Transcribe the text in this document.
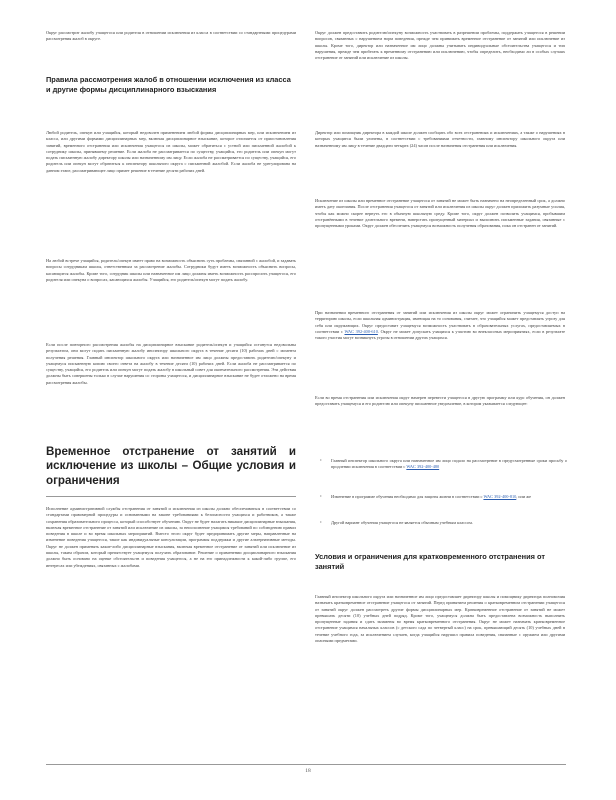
Округ рассмотрит жалобу учащегося или родителя в отношении исключения из класса в соответствии со стандартными процедурами рассмотрения жалоб в округе.

Правила рассмотрения жалоб в отношении исключения из класса и другие формы дисциплинарного взыскания

Любой родитель, опекун или учащийся, который недоволен применением любой формы дисциплинарных мер, или исключением из класса, или другими формами дисциплинарных мер, включая дисциплинарное взыскание, которое отличается от приостановления занятий, временного отстранения или исключения учащегося из школы, может обратиться с устной или письменной жалобой к сотруднику школы, принявшему решение. Если жалоба не рассматривается по существу, учащийся, его родитель или опекун могут подать письменную жалобу директору школы или назначенному им лицу. Если жалоба не рассматривается по существу, учащийся, его родитель или опекун могут обратиться к инспектору школьного округа с письменной жалобой. Если жалоба не урегулирована на данном этапе, рассматривающее лицо примет решение в течение десяти рабочих дней.

На любой встрече учащийся, родитель/опекун имеет право на возможность объяснить суть проблемы, связанной с жалобой, и задавать вопросы сотрудникам школы, ответственным за рассмотрение жалобы. Сотрудники будут иметь возможность объяснить вопросы, касающиеся жалобы. Кроме того, сотрудник школы или назначенное им лицо должны иметь возможность расспросить учащегося, его родителя или опекуна о вопросах, касающихся жалобы. Учащийся, его родитель/опекун могут подать жалобу.

Если после повторного рассмотрения жалобы на дисциплинарное взыскание родитель/опекун и учащийся останутся недовольны результатом, они могут подать письменную жалобу инспектору школьного округа в течение десяти (10) рабочих дней с момента получения решения. Главный инспектор школьного округа или назначенное им лицо должны предоставить родителю/опекуну и учащемуся письменную копию своего ответа на жалобу в течение десяти (10) рабочих дней. Если жалоба не рассматривается по существу, учащийся, его родитель или опекун могут подать жалобу в школьный совет для окончательного рассмотрения. Эти действия должны быть совершены только в случае нарушения со стороны учащегося, и дисциплинарное взыскание не будет отложено на время рассмотрения жалобы.

Временное отстранение от занятий и исключение из школы – Общие условия и ограничения

Исполнение административной службы отстранения от занятий и исключения из школы должно обеспечиваться в соответствии со стандартами правомерной процедуры и основанными на законе требованиями к безопасности учащихся и работников, а также сохранения образовательного процесса, который способствует обучению. Округ не будет налагать никакие дисциплинарные взыскания, включая временное отстранение от занятий или исключение из школы, за неисполнение учащимся требований по соблюдению правил поведения в школе и во время школьных мероприятий. Вместо этого округ будет предпринимать другие меры, направленные на изменение поведения учащегося, такие как индивидуальные консультации, программы поддержки и другие альтернативные методы. Округ не должен применять какие-либо дисциплинарные взыскания, включая временное отстранение от занятий или исключение из школы, таким образом, который препятствует учащемуся получать образование. Решение о применении дисциплинарного взыскания должно быть основано на оценке обстоятельств и поведения учащегося, а не на его принадлежности к какой-либо группе, его интересах или убеждениях, связанных с жалобами.

Округ должен предоставить родителю/опекуну возможность участвовать в разрешении проблемы, поддержать учащегося в решении вопросов, связанных с нарушением норм поведения, прежде чем принимать временное отстранение от занятий или исключение из школы. Кроме того, директор или назначенное им лицо должны учитывать индивидуальные обстоятельства учащегося и тип нарушения, прежде чем прибегать к временному отстранению или исключению, чтобы определить, необходимо ли в особых случаях отстранение от занятий или исключение из школы.

Директор или помощник директора в каждой школе должен сообщать обо всех отстранениях и исключениях, а также о нарушениях в которых учащиеся были уличены, в соответствии с требованиями отчетности, главному инспектору школьного округа или назначенному им лицу в течение двадцати четырех (24) часов после назначения отстранения или исключения.

Исключение из школы или временное отстранение учащегося от занятий не может быть назначено на неопределенный срок, а должно иметь дату окончания. После отстранения учащегося от занятий или исключения из школы округ должен приложить разумные усилия, чтобы как можно скорее вернуть его в обычную школьную среду. Кроме того, округ должен позволить учащимся, пробывшим отстранёнными в течение длительного времени, наверстать пропущенный материал и выполнить письменные задания, связанные с пропущенными уроками. Округ должен обеспечить учащемуся возможность получения образования, пока он отстранен от занятий.

При назначении временного отстранения от занятий или исключения из школы округ может ограничить учащемуся доступ на территорию школы, если школьная администрация, имеющая на то основания, считает, что учащийся может представлять угрозу для себя или окружающих. Округ предоставит учащемуся возможность участвовать в образовательных услугах, предоставляемых в соответствии с WAC 392-400-610. Округ не может допускать учащихся к участию во внеклассных мероприятиях, если в результате такого участия могут возникнуть угрозы в отношении других учащихся.

Если во время отстранения или исключения округ намерен перевести учащегося в другую программу или курс обучения, он должен предоставить учащемуся и его родителю или опекуну письменное уведомление, в котором указывается следующее:

› Главный инспектор школьного округа или назначенное им лицо подало на рассмотрение в предусмотренные сроки просьбу о продлении исключения в соответствии с WAC 392-400-480

› Изменение в программе обучения необходимо для защиты жизни в соответствии с WAC 392-400-810, или же

› Другой вариант обучения учащегося не является обычным учебным классом.

Условия и ограничения для кратковременного отстранения от занятий

Главный инспектор школьного округа или назначенное им лицо предоставляет директору школы и помощнику директора полномочия назначать кратковременное отстранение учащегося от занятий. Перед принятием решения о кратковременном отстранении учащегося от занятий округ должен рассмотреть другие формы дисциплинарных мер. Кратковременное отстранение от занятий не может превышать десяти (10) учебных дней подряд. Кроме того, учащемуся должна быть предоставлена возможность выполнить пропущенные задания и сдать экзамены во время кратковременного отстранения. Округ не может назначать кратковременное отстранение учащимся начальных классов (с детского сада по четвертый класс) на срок, превышающий десять (10) учебных дней в течение учебного года, за исключением случаев, когда учащийся нарушил правила поведения, связанные с оружием или другими опасными предметами.

18
